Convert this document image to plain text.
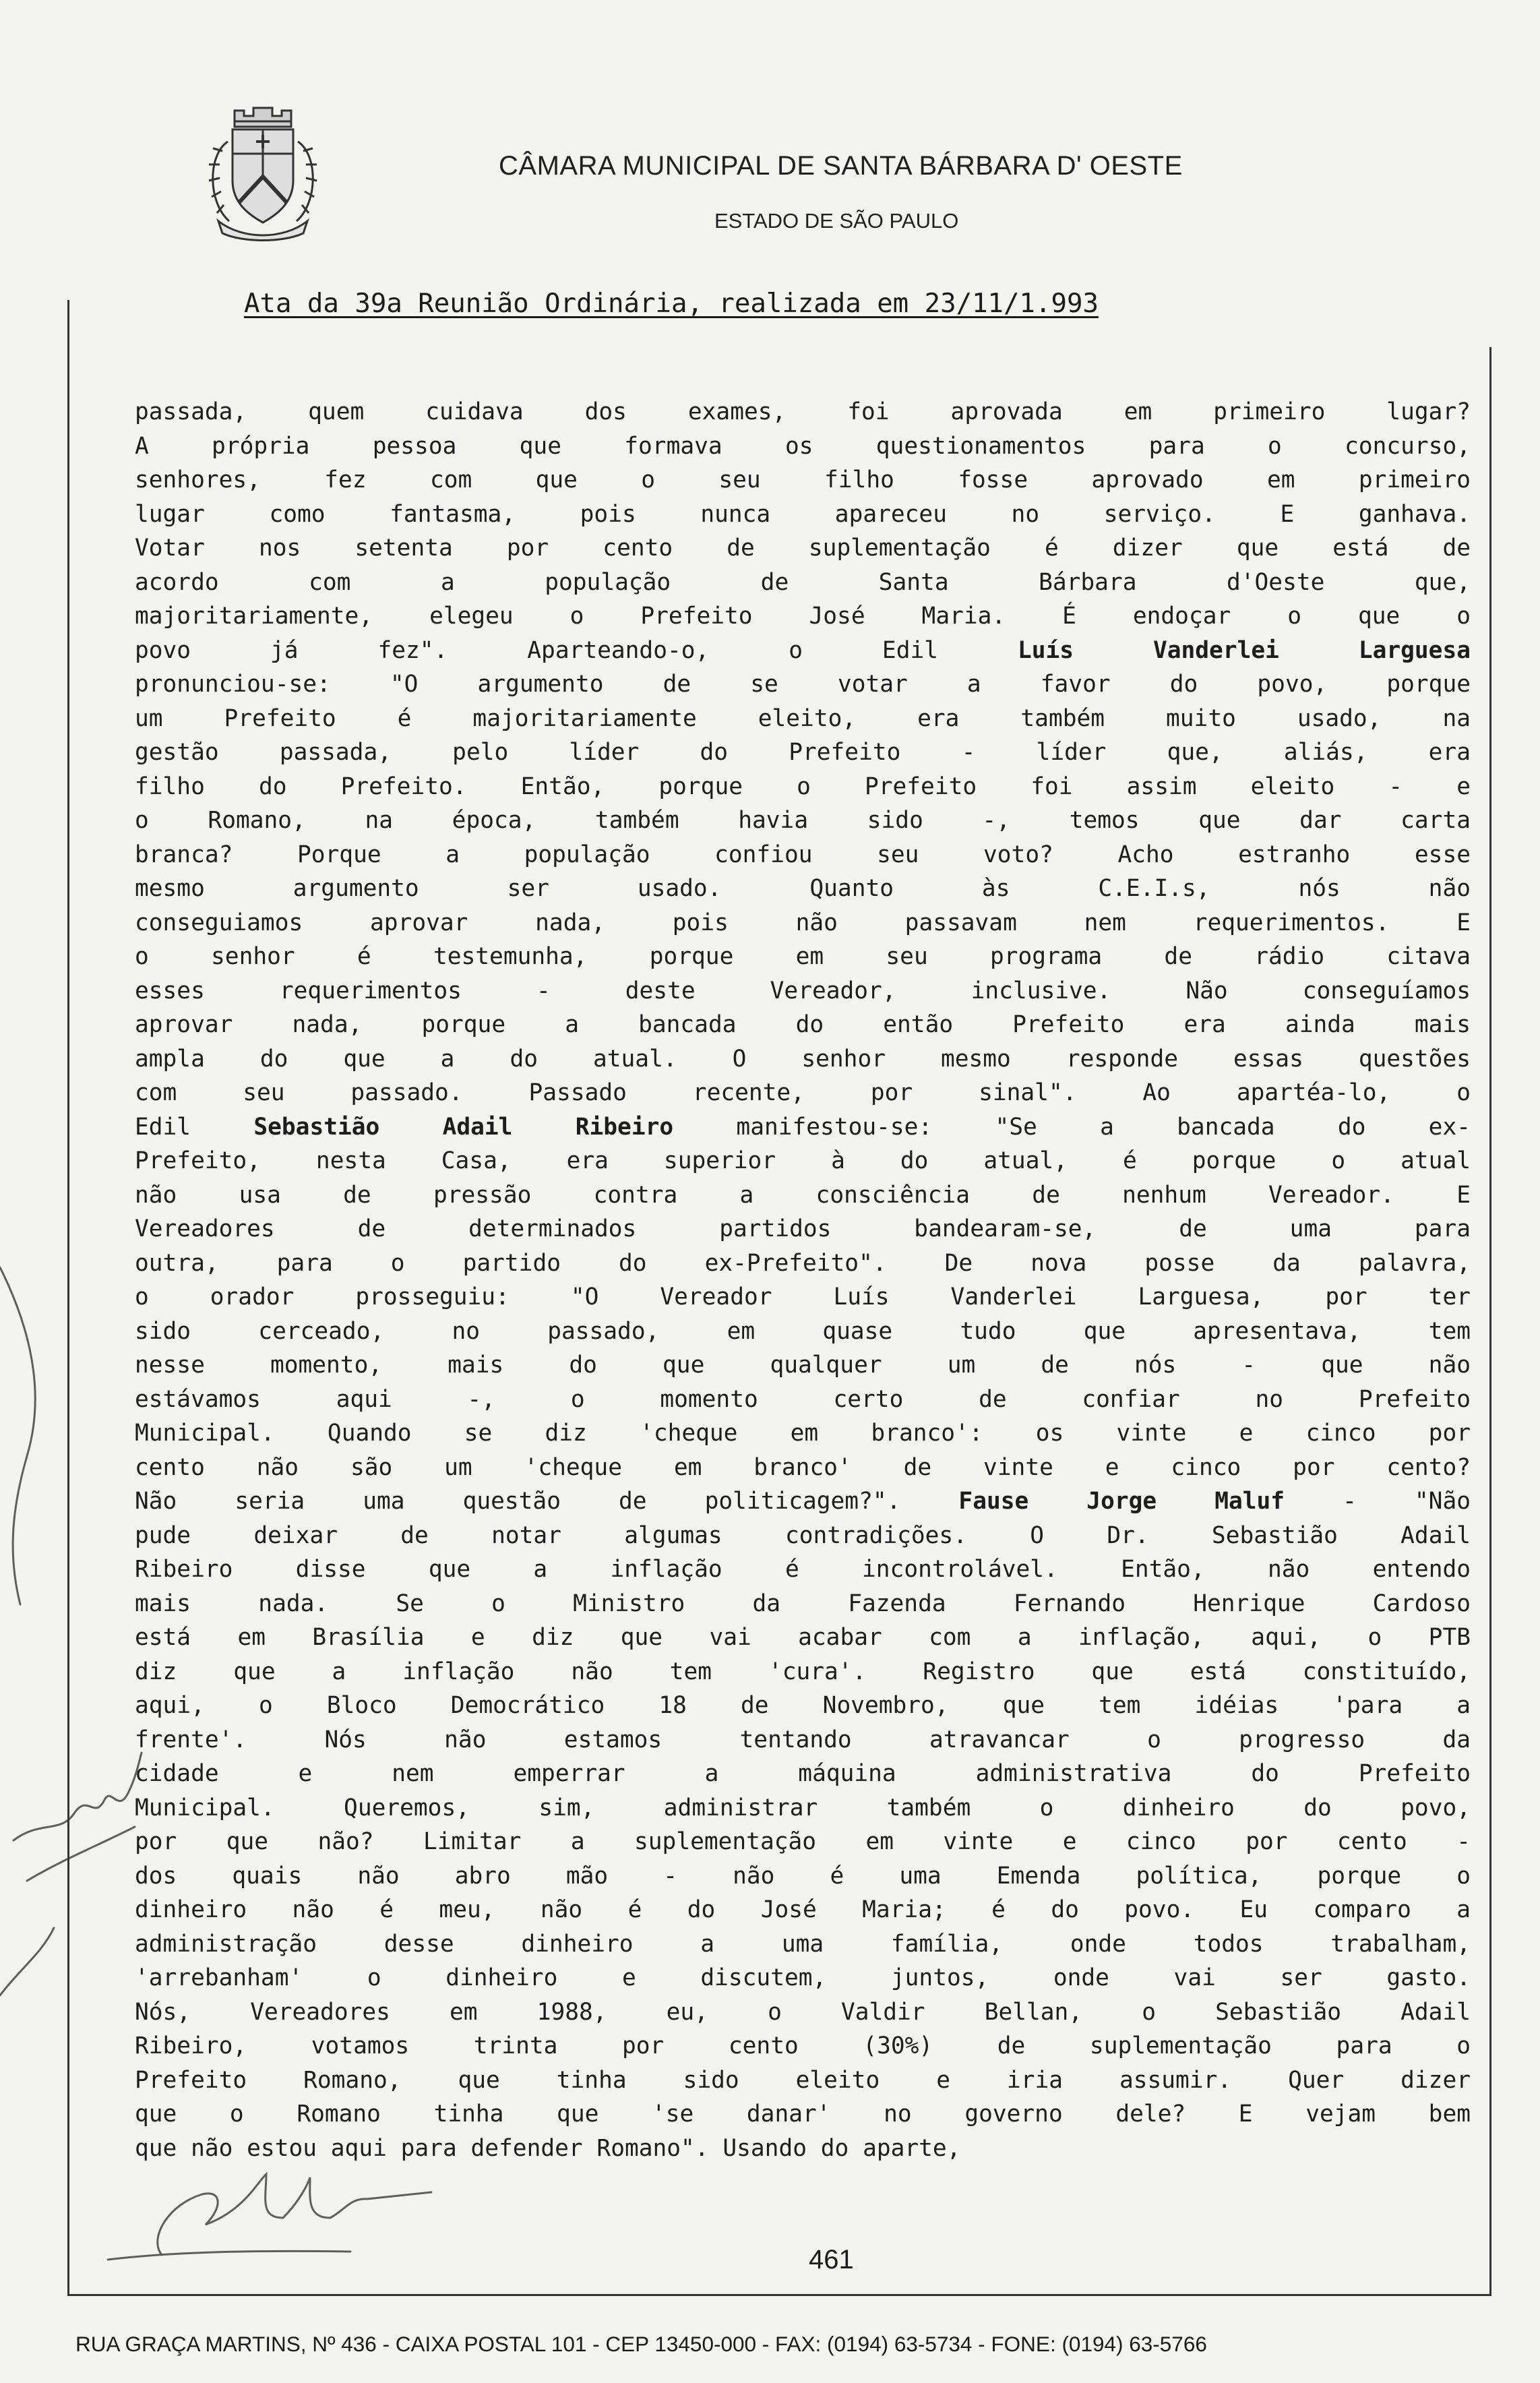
CÂMARA MUNICIPAL DE SANTA BÁRBARA D' OESTE
ESTADO DE SÃO PAULO
Ata da 39a Reunião Ordinária, realizada em 23/11/1.993
passada, quem cuidava dos exames, foi aprovada em primeiro lugar?
A própria pessoa que formava os questionamentos para o concurso,
senhores, fez com que o seu filho fosse aprovado em primeiro
lugar como fantasma, pois nunca apareceu no serviço. E ganhava.
Votar nos setenta por cento de suplementação é dizer que está de
acordo com a população de Santa Bárbara d'Oeste que,
majoritariamente, elegeu o Prefeito José Maria. É endoçar o que o
povo já fez". Aparteando-o, o Edil Luís Vanderlei Larguesa
pronunciou-se: "O argumento de se votar a favor do povo, porque
um Prefeito é majoritariamente eleito, era também muito usado, na
gestão passada, pelo líder do Prefeito - líder que, aliás, era
filho do Prefeito. Então, porque o Prefeito foi assim eleito - e
o Romano, na época, também havia sido -, temos que dar carta
branca? Porque a população confiou seu voto? Acho estranho esse
mesmo argumento ser usado. Quanto às C.E.I.s, nós não
conseguiamos aprovar nada, pois não passavam nem requerimentos. E
o senhor é testemunha, porque em seu programa de rádio citava
esses requerimentos - deste Vereador, inclusive. Não conseguíamos
aprovar nada, porque a bancada do então Prefeito era ainda mais
ampla do que a do atual. O senhor mesmo responde essas questões
com seu passado. Passado recente, por sinal". Ao apartéa-lo, o
Edil Sebastião Adail Ribeiro manifestou-se: "Se a bancada do ex-
Prefeito, nesta Casa, era superior à do atual, é porque o atual
não usa de pressão contra a consciência de nenhum Vereador. E
Vereadores de determinados partidos bandearam-se, de uma para
outra, para o partido do ex-Prefeito". De nova posse da palavra,
o orador prosseguiu: "O Vereador Luís Vanderlei Larguesa, por ter
sido cerceado, no passado, em quase tudo que apresentava, tem
nesse momento, mais do que qualquer um de nós - que não
estávamos aqui -, o momento certo de confiar no Prefeito
Municipal. Quando se diz 'cheque em branco': os vinte e cinco por
cento não são um 'cheque em branco' de vinte e cinco por cento?
Não seria uma questão de politicagem?". Fause Jorge Maluf - "Não
pude deixar de notar algumas contradições. O Dr. Sebastião Adail
Ribeiro disse que a inflação é incontrolável. Então, não entendo
mais nada. Se o Ministro da Fazenda Fernando Henrique Cardoso
está em Brasília e diz que vai acabar com a inflação, aqui, o PTB
diz que a inflação não tem 'cura'. Registro que está constituído,
aqui, o Bloco Democrático 18 de Novembro, que tem idéias 'para a
frente'. Nós não estamos tentando atravancar o progresso da
cidade e nem emperrar a máquina administrativa do Prefeito
Municipal. Queremos, sim, administrar também o dinheiro do povo,
por que não? Limitar a suplementação em vinte e cinco por cento -
dos quais não abro mão - não é uma Emenda política, porque o
dinheiro não é meu, não é do José Maria; é do povo. Eu comparo a
administração desse dinheiro a uma família, onde todos trabalham,
'arrebanham' o dinheiro e discutem, juntos, onde vai ser gasto.
Nós, Vereadores em 1988, eu, o Valdir Bellan, o Sebastião Adail
Ribeiro, votamos trinta por cento (30%) de suplementação para o
Prefeito Romano, que tinha sido eleito e iria assumir. Quer dizer
que o Romano tinha que 'se danar' no governo dele? E vejam bem
que não estou aqui para defender Romano". Usando do aparte,
461
RUA GRAÇA MARTINS, Nº 436 - CAIXA POSTAL 101 - CEP 13450-000 - FAX: (0194) 63-5734 - FONE: (0194) 63-5766
